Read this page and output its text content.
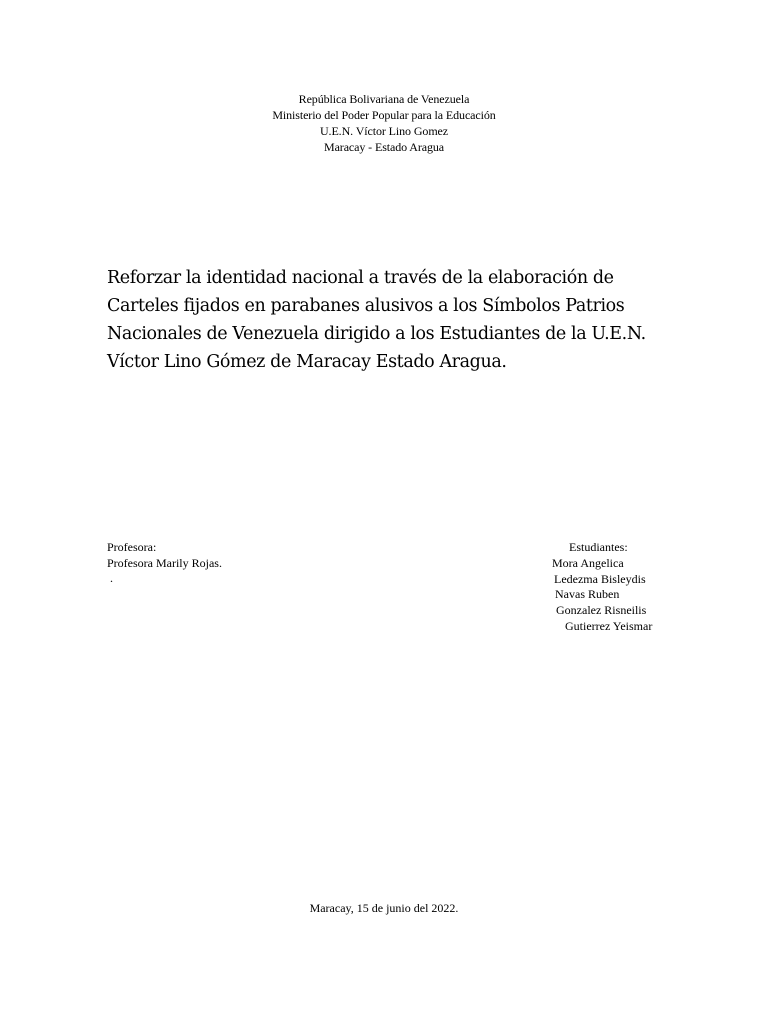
República Bolivariana de Venezuela
Ministerio del Poder Popular para la Educación
U.E.N. Víctor Lino Gomez
Maracay - Estado Aragua
Reforzar la identidad nacional a través de la elaboración de
Carteles fijados en parabanes alusivos a los Símbolos Patrios
Nacionales de Venezuela dirigido a los Estudiantes de la U.E.N.
Víctor Lino Gómez de Maracay Estado Aragua.
Profesora:
Profesora Marily Rojas.
.
Estudiantes:
Mora Angelica
Ledezma Bisleydis
Navas Ruben
Gonzalez Risneilis
Gutierrez Yeismar
Maracay, 15 de junio del 2022.
